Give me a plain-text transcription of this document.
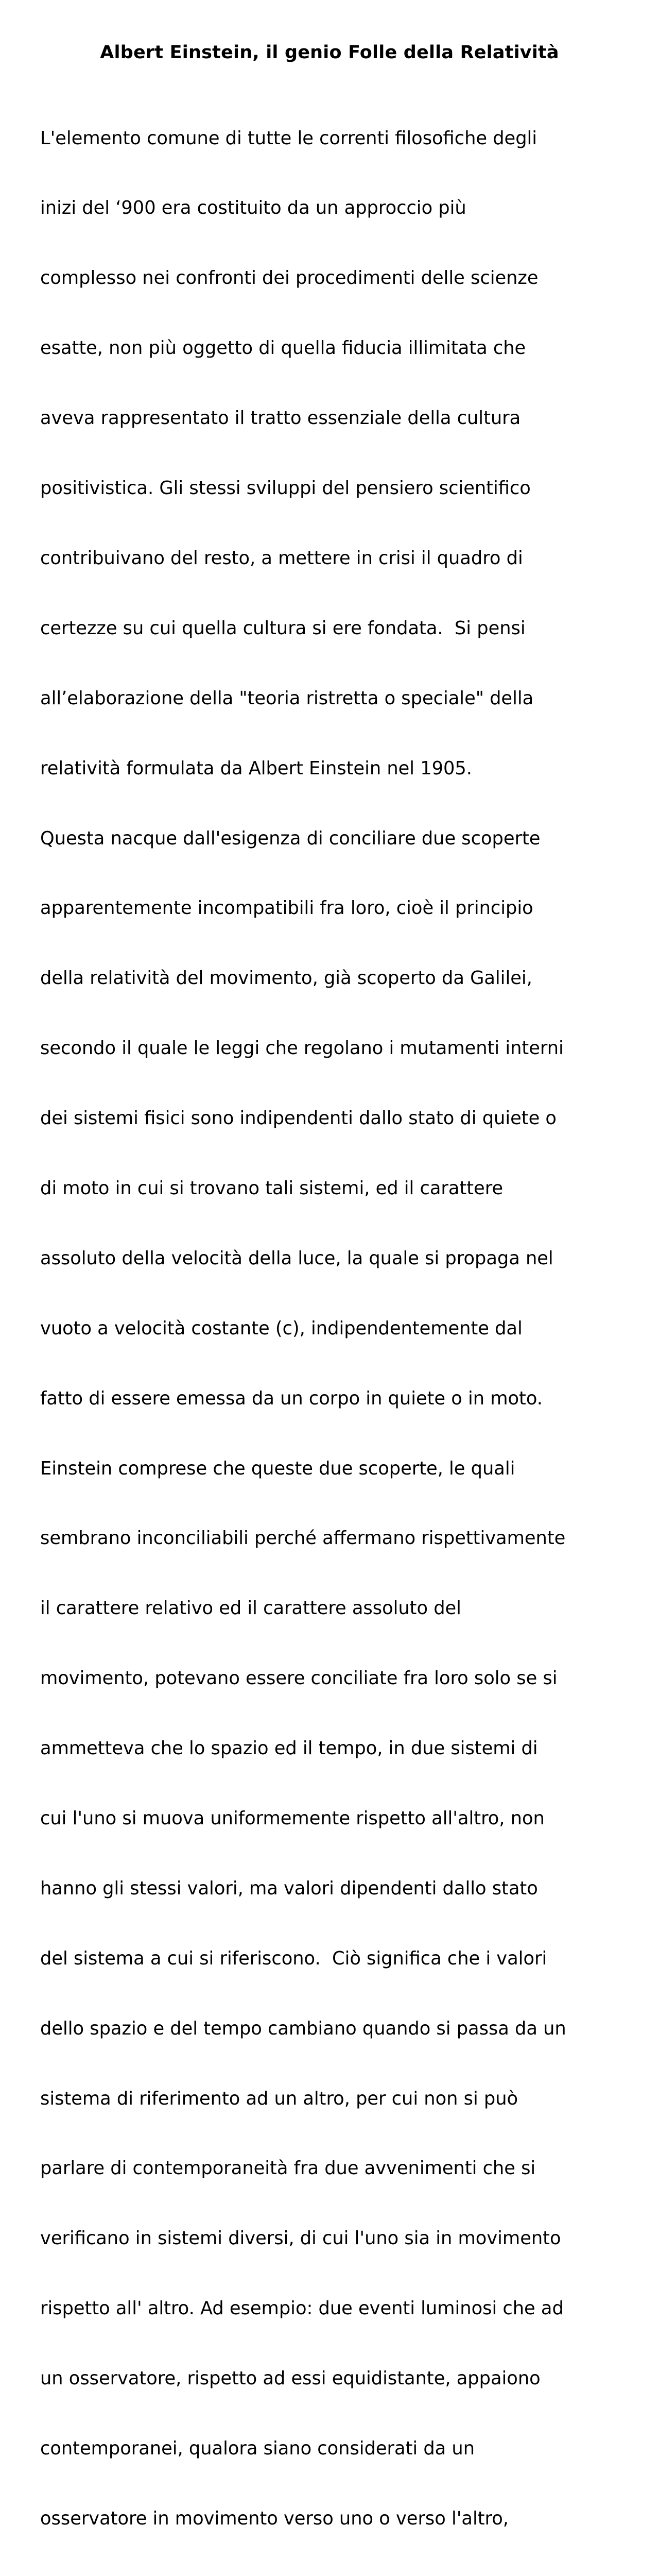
Albert Einstein, il genio Folle della Relatività

L'elemento comune di tutte le correnti filosofiche degli

inizi del ‘900 era costituito da un approccio più

complesso nei confronti dei procedimenti delle scienze

esatte, non più oggetto di quella fiducia illimitata che

aveva rappresentato il tratto essenziale della cultura

positivistica. Gli stessi sviluppi del pensiero scientifico

contribuivano del resto, a mettere in crisi il quadro di

certezze su cui quella cultura si ere fondata.  Si pensi

all’elaborazione della "teoria ristretta o speciale" della

relatività formulata da Albert Einstein nel 1905.

Questa nacque dall'esigenza di conciliare due scoperte

apparentemente incompatibili fra loro, cioè il principio

della relatività del movimento, già scoperto da Galilei,

secondo il quale le leggi che regolano i mutamenti interni

dei sistemi fisici sono indipendenti dallo stato di quiete o

di moto in cui si trovano tali sistemi, ed il carattere

assoluto della velocità della luce, la quale si propaga nel

vuoto a velocità costante (c), indipendentemente dal

fatto di essere emessa da un corpo in quiete o in moto.

Einstein comprese che queste due scoperte, le quali

sembrano inconciliabili perché affermano rispettivamente

il carattere relativo ed il carattere assoluto del

movimento, potevano essere conciliate fra loro solo se si

ammetteva che lo spazio ed il tempo, in due sistemi di

cui l'uno si muova uniformemente rispetto all'altro, non

hanno gli stessi valori, ma valori dipendenti dallo stato

del sistema a cui si riferiscono.  Ciò significa che i valori

dello spazio e del tempo cambiano quando si passa da un

sistema di riferimento ad un altro, per cui non si può

parlare di contemporaneità fra due avvenimenti che si

verificano in sistemi diversi, di cui l'uno sia in movimento

rispetto all' altro. Ad esempio: due eventi luminosi che ad

un osservatore, rispetto ad essi equidistante, appaiono

contemporanei, qualora siano considerati da un

osservatore in movimento verso uno o verso l'altro,
